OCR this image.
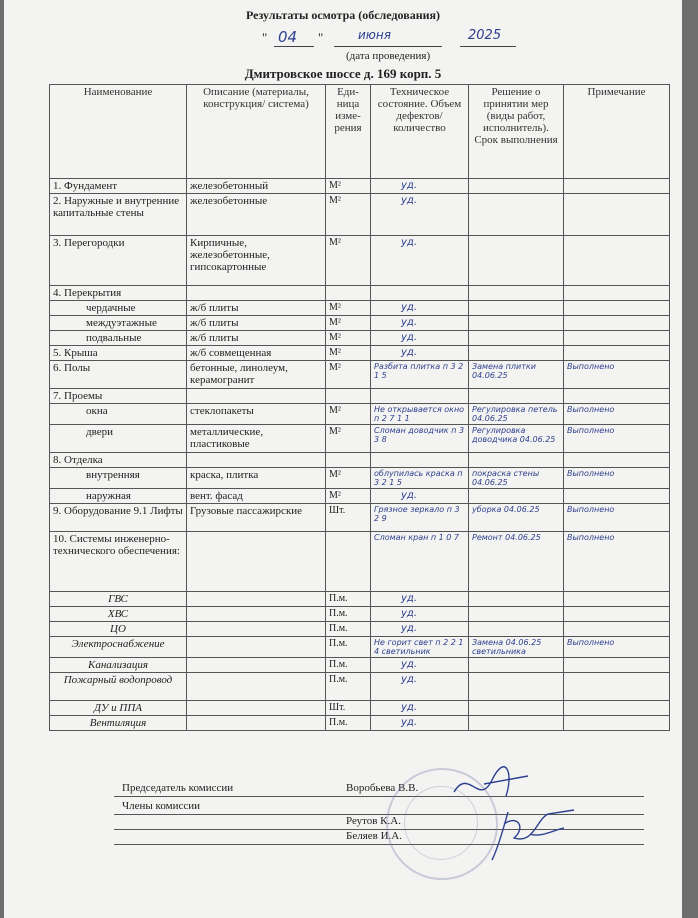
Результаты осмотра (обследования)
" 04 "	июня	2025
(дата проведения)
Дмитровское шоссе д. 169 корп. 5
Наименование	Описание (материалы, конструкция/ система)	Еди- ница изме- рения	Техническое состояние. Объем дефектов/ количество	Решение о принятии мер (виды работ, исполнитель). Срок выполнения	Примечание
1. Фундамент	железобетонный	М²	уд.		
2. Наружные и внутренние капитальные стены	железобетонные	М²	уд.		
3. Перегородки	Кирпичные, железобетонные, гипсокартонные	М²	уд.		
4. Перекрытия					
чердачные	ж/б плиты	М²	уд.		
междуэтажные	ж/б плиты	М²	уд.		
подвальные	ж/б плиты	М²	уд.		
5. Крыша	ж/б совмещенная	М²	уд.		
6. Полы	бетонные, линолеум, керамогранит	М²	Разбита плитка п 3 2 1 5	Замена плитки 04.06.25	Выполнено
7. Проемы					
окна	стеклопакеты	М²	Не открывается окно п 2 7 1 1	Регулировка петель 04.06.25	Выполнено
двери	металлические, пластиковые	М²	Сломан доводчик п 3 3 8	Регулировка доводчика 04.06.25	Выполнено
8. Отделка					
внутренняя	краска, плитка	М²	облупилась краска п 3 2 1 5	покраска стены 04.06.25	Выполнено
наружная	вент. фасад	М²	уд.		
9. Оборудование 9.1 Лифты	Грузовые пассажирские	Шт.	Грязное зеркало п 3 2 9	уборка 04.06.25	Выполнено
10. Системы инженерно-технического обеспечения:			Сломан кран п 1 0 7	Ремонт 04.06.25	Выполнено
ГВС		П.м.	уд.		
ХВС		П.м.	уд.		
ЦО		П.м.	уд.		
Электроснабжение		П.м.	Не горит свет п 2 2 1 4 светильник	Замена 04.06.25 светильника	Выполнено
Канализация		П.м.	уд.		
Пожарный водопровод		П.м.	уд.		
ДУ и ППА		Шт.	уд.		
Вентиляция		П.м.	уд.		
Председатель комиссии	Воробьева В.В.
Члены комиссии
Реутов К.А.
Беляев И.А.
